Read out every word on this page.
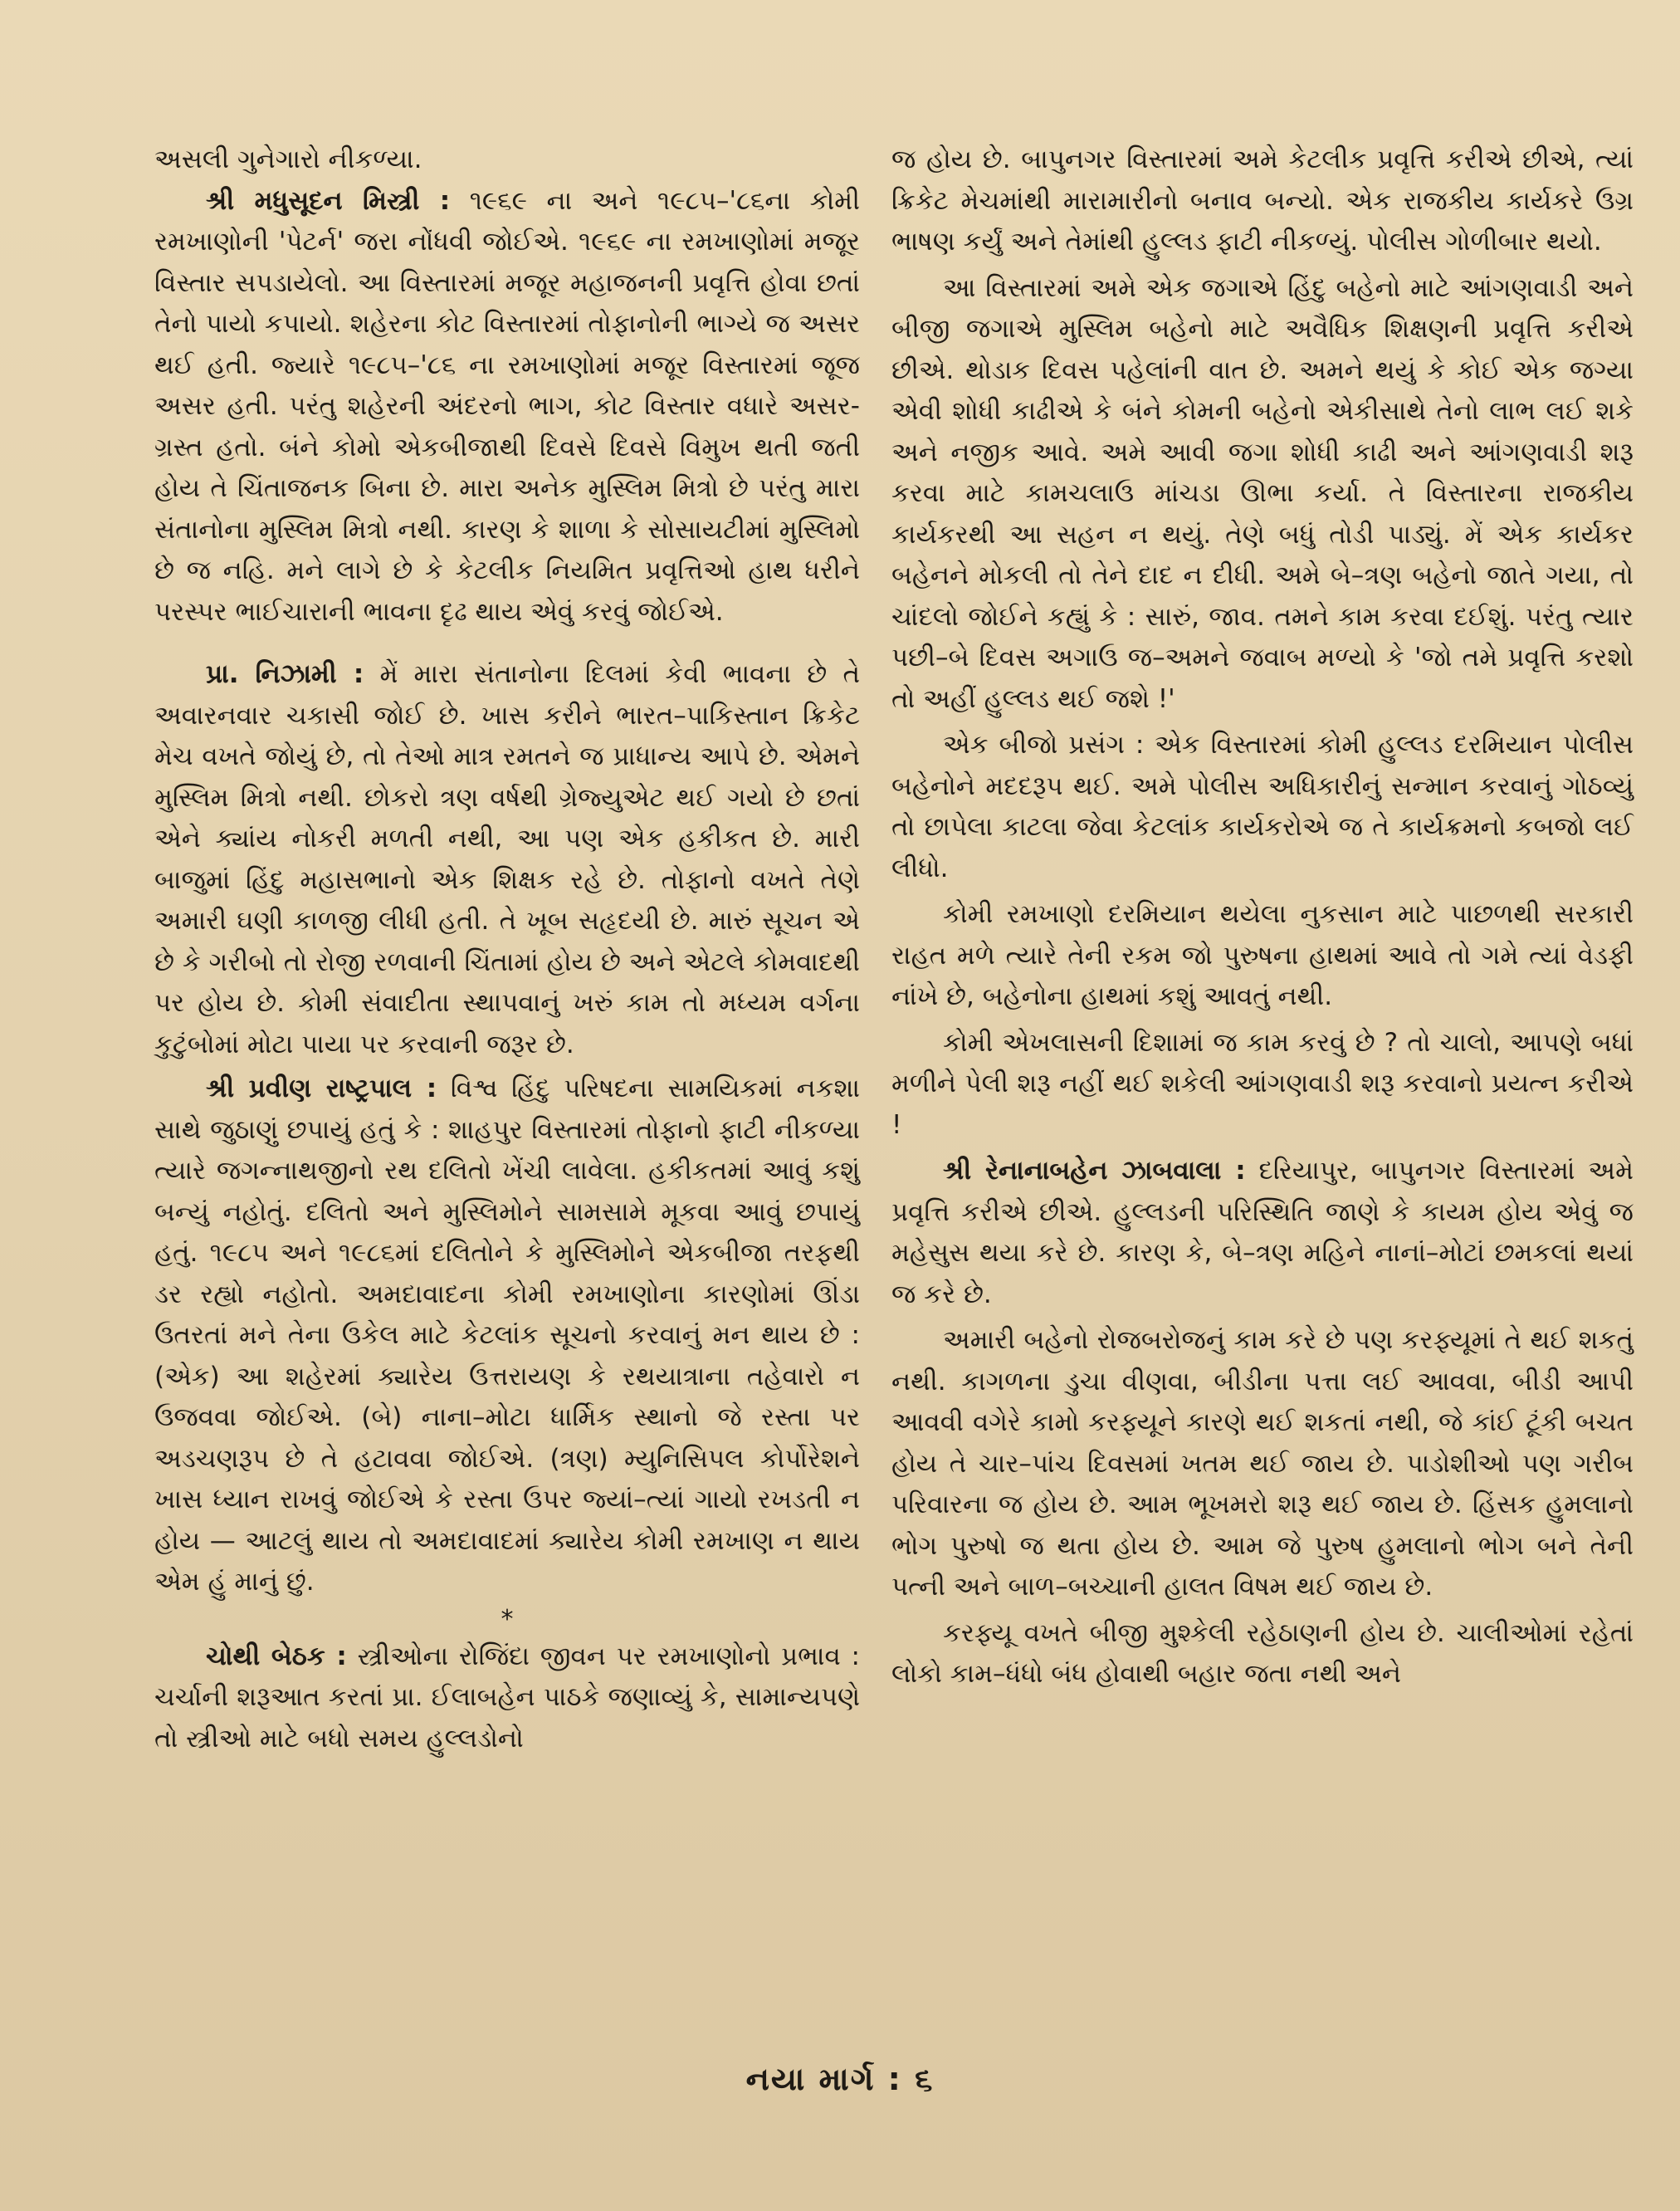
અસલી ગુનેગારો નીકળ્યા.

શ્રી મધુસૂદન મિસ્ત્રી : ૧૯૬૯ ના અને ૧૯૮૫–'૮૬ના કોમી રમખાણોની 'પેટર્ન' જરા નોંધવી જોઈએ. ૧૯૬૯ ના રમખાણોમાં મજૂર વિસ્તાર સપડાયેલો. આ વિસ્તારમાં મજૂર મહાજનની પ્રવૃત્તિ હોવા છતાં તેનો પાયો કપાયો. શહેરના કોટ વિસ્તારમાં તોફાનોની ભાગ્યે જ અસર થઈ હતી. જ્યારે ૧૯૮૫–'૮૬ ના રમખાણોમાં મજૂર વિસ્તારમાં જૂજ અસર હતી. પરંતુ શહેરની અંદરનો ભાગ, કોટ વિસ્તાર વધારે અસર-ગ્રસ્ત હતો. બંને કોમો એકબીજાથી દિવસે દિવસે વિમુખ થતી જતી હોય તે ચિંતાજનક બિના છે. મારા અનેક મુસ્લિમ મિત્રો છે પરંતુ મારા સંતાનોના મુસ્લિમ મિત્રો નથી. કારણ કે શાળા કે સોસાયટીમાં મુસ્લિમો છે જ નહિ. મને લાગે છે કે કેટલીક નિયમિત પ્રવૃત્તિઓ હાથ ધરીને પરસ્પર ભાઈચારાની ભાવના દૃઢ થાય એવું કરવું જોઈએ.

પ્રા. નિઝામી : મેં મારા સંતાનોના દિલમાં કેવી ભાવના છે તે અવારનવાર ચકાસી જોઈ છે. ખાસ કરીને ભારત–પાકિસ્તાન ક્રિકેટ મેચ વખતે જોયું છે, તો તેઓ માત્ર રમતને જ પ્રાધાન્ય આપે છે. એમને મુસ્લિમ મિત્રો નથી. છોકરો ત્રણ વર્ષથી ગ્રેજ્યુએટ થઈ ગયો છે છતાં એને ક્યાંય નોકરી મળતી નથી, આ પણ એક હકીકત છે. મારી બાજુમાં હિંદુ મહાસભાનો એક શિક્ષક રહે છે. તોફાનો વખતે તેણે અમારી ઘણી કાળજી લીધી હતી. તે ખૂબ સહૃદયી છે. મારું સૂચન એ છે કે ગરીબો તો રોજી રળવાની ચિંતામાં હોય છે અને એટલે કોમવાદથી પર હોય છે. કોમી સંવાદીતા સ્થાપવાનું ખરું કામ તો મધ્યમ વર્ગના કુટુંબોમાં મોટા પાયા પર કરવાની જરૂર છે.

શ્રી પ્રવીણ રાષ્ટ્રપાલ : વિશ્વ હિંદુ પરિષદના સામયિકમાં નકશા સાથે જુઠાણું છપાયું હતું કે : શાહપુર વિસ્તારમાં તોફાનો ફાટી નીકળ્યા ત્યારે જગન્નાથજીનો રથ દલિતો ખેંચી લાવેલા. હકીકતમાં આવું કશું બન્યું નહોતું. દલિતો અને મુસ્લિમોને સામસામે મૂકવા આવું છપાયું હતું. ૧૯૮૫ અને ૧૯૮૬માં દલિતોને કે મુસ્લિમોને એકબીજા તરફથી ડર રહ્યો નહોતો. અમદાવાદના કોમી રમખાણોના કારણોમાં ઊંડા ઉતરતાં મને તેના ઉકેલ માટે કેટલાંક સૂચનો કરવાનું મન થાય છે : (એક) આ શહેરમાં ક્યારેય ઉત્તરાયણ કે રથયાત્રાના તહેવારો ન ઉજવવા જોઈએ. (બે) નાના–મોટા ધાર્મિક સ્થાનો જે રસ્તા પર અડચણરૂપ છે તે હટાવવા જોઈએ. (ત્રણ) મ્યુનિસિપલ કોર્પોરેશને ખાસ ધ્યાન રાખવું જોઈએ કે રસ્તા ઉપર જ્યાં–ત્યાં ગાયો રખડતી ન હોય — આટલું થાય તો અમદાવાદમાં ક્યારેય કોમી રમખાણ ન થાય એમ હું માનું છું.

*

ચોથી બેઠક : સ્ત્રીઓના રોજિંદા જીવન પર રમખાણોનો પ્રભાવ : ચર્ચાની શરૂઆત કરતાં પ્રા. ઈલાબહેન પાઠકે જણાવ્યું કે, સામાન્યપણે તો સ્ત્રીઓ માટે બધો સમય હુલ્લડોનો

જ હોય છે. બાપુનગર વિસ્તારમાં અમે કેટલીક પ્રવૃત્તિ કરીએ છીએ, ત્યાં ક્રિકેટ મેચમાંથી મારામારીનો બનાવ બન્યો. એક રાજકીય કાર્યકરે ઉગ્ર ભાષણ કર્યું અને તેમાંથી હુલ્લડ ફાટી નીકળ્યું. પોલીસ ગોળીબાર થયો.

આ વિસ્તારમાં અમે એક જગાએ હિંદુ બહેનો માટે આંગણવાડી અને બીજી જગાએ મુસ્લિમ બહેનો માટે અવૈધિક શિક્ષણની પ્રવૃત્તિ કરીએ છીએ. થોડાક દિવસ પહેલાંની વાત છે. અમને થયું કે કોઈ એક જગ્યા એવી શોધી કાઢીએ કે બંને કોમની બહેનો એકીસાથે તેનો લાભ લઈ શકે અને નજીક આવે. અમે આવી જગા શોધી કાઢી અને આંગણવાડી શરૂ કરવા માટે કામચલાઉ માંચડા ઊભા કર્યા. તે વિસ્તારના રાજકીય કાર્યકરથી આ સહન ન થયું. તેણે બધું તોડી પાડ્યું. મેં એક કાર્યકર બહેનને મોકલી તો તેને દાદ ન દીધી. અમે બે–ત્રણ બહેનો જાતે ગયા, તો ચાંદલો જોઈને કહ્યું કે : સારું, જાવ. તમને કામ કરવા દઈશું. પરંતુ ત્યાર પછી–બે દિવસ અગાઉ જ–અમને જવાબ મળ્યો કે 'જો તમે પ્રવૃત્તિ કરશો તો અહીં હુલ્લડ થઈ જશે !'

એક બીજો પ્રસંગ : એક વિસ્તારમાં કોમી હુલ્લડ દરમિયાન પોલીસ બહેનોને મદદરૂપ થઈ. અમે પોલીસ અધિકારીનું સન્માન કરવાનું ગોઠવ્યું તો છાપેલા કાટલા જેવા કેટલાંક કાર્યકરોએ જ તે કાર્યક્રમનો કબજો લઈ લીધો.

કોમી રમખાણો દરમિયાન થયેલા નુકસાન માટે પાછળથી સરકારી રાહત મળે ત્યારે તેની રકમ જો પુરુષના હાથમાં આવે તો ગમે ત્યાં વેડફી નાંખે છે, બહેનોના હાથમાં કશું આવતું નથી.

કોમી એખલાસની દિશામાં જ કામ કરવું છે ? તો ચાલો, આપણે બધાં મળીને પેલી શરૂ નહીં થઈ શકેલી આંગણવાડી શરૂ કરવાનો પ્રયત્ન કરીએ !

શ્રી રેનાનાબહેન ઝાબવાલા : દરિયાપુર, બાપુનગર વિસ્તારમાં અમે પ્રવૃત્તિ કરીએ છીએ. હુલ્લડની પરિસ્થિતિ જાણે કે કાયમ હોય એવું જ મહેસુસ થયા કરે છે. કારણ કે, બે–ત્રણ મહિને નાનાં–મોટાં છમકલાં થયાં જ કરે છે.

અમારી બહેનો રોજબરોજનું કામ કરે છે પણ કરફ્યૂમાં તે થઈ શકતું નથી. કાગળના ડુચા વીણવા, બીડીના પત્તા લઈ આવવા, બીડી આપી આવવી વગેરે કામો કરફ્યૂને કારણે થઈ શકતાં નથી, જે કાંઈ ટૂંકી બચત હોય તે ચાર–પાંચ દિવસમાં ખતમ થઈ જાય છે. પાડોશીઓ પણ ગરીબ પરિવારના જ હોય છે. આમ ભૂખમરો શરૂ થઈ જાય છે. હિંસક હુમલાનો ભોગ પુરુષો જ થતા હોય છે. આમ જે પુરુષ હુમલાનો ભોગ બને તેની પત્ની અને બાળ–બચ્ચાની હાલત વિષમ થઈ જાય છે.

કરફ્યૂ વખતે બીજી મુશ્કેલી રહેઠાણની હોય છે. ચાલીઓમાં રહેતાં લોકો કામ–ધંધો બંધ હોવાથી બહાર જતા નથી અને

નયા માર્ગ : ૬
